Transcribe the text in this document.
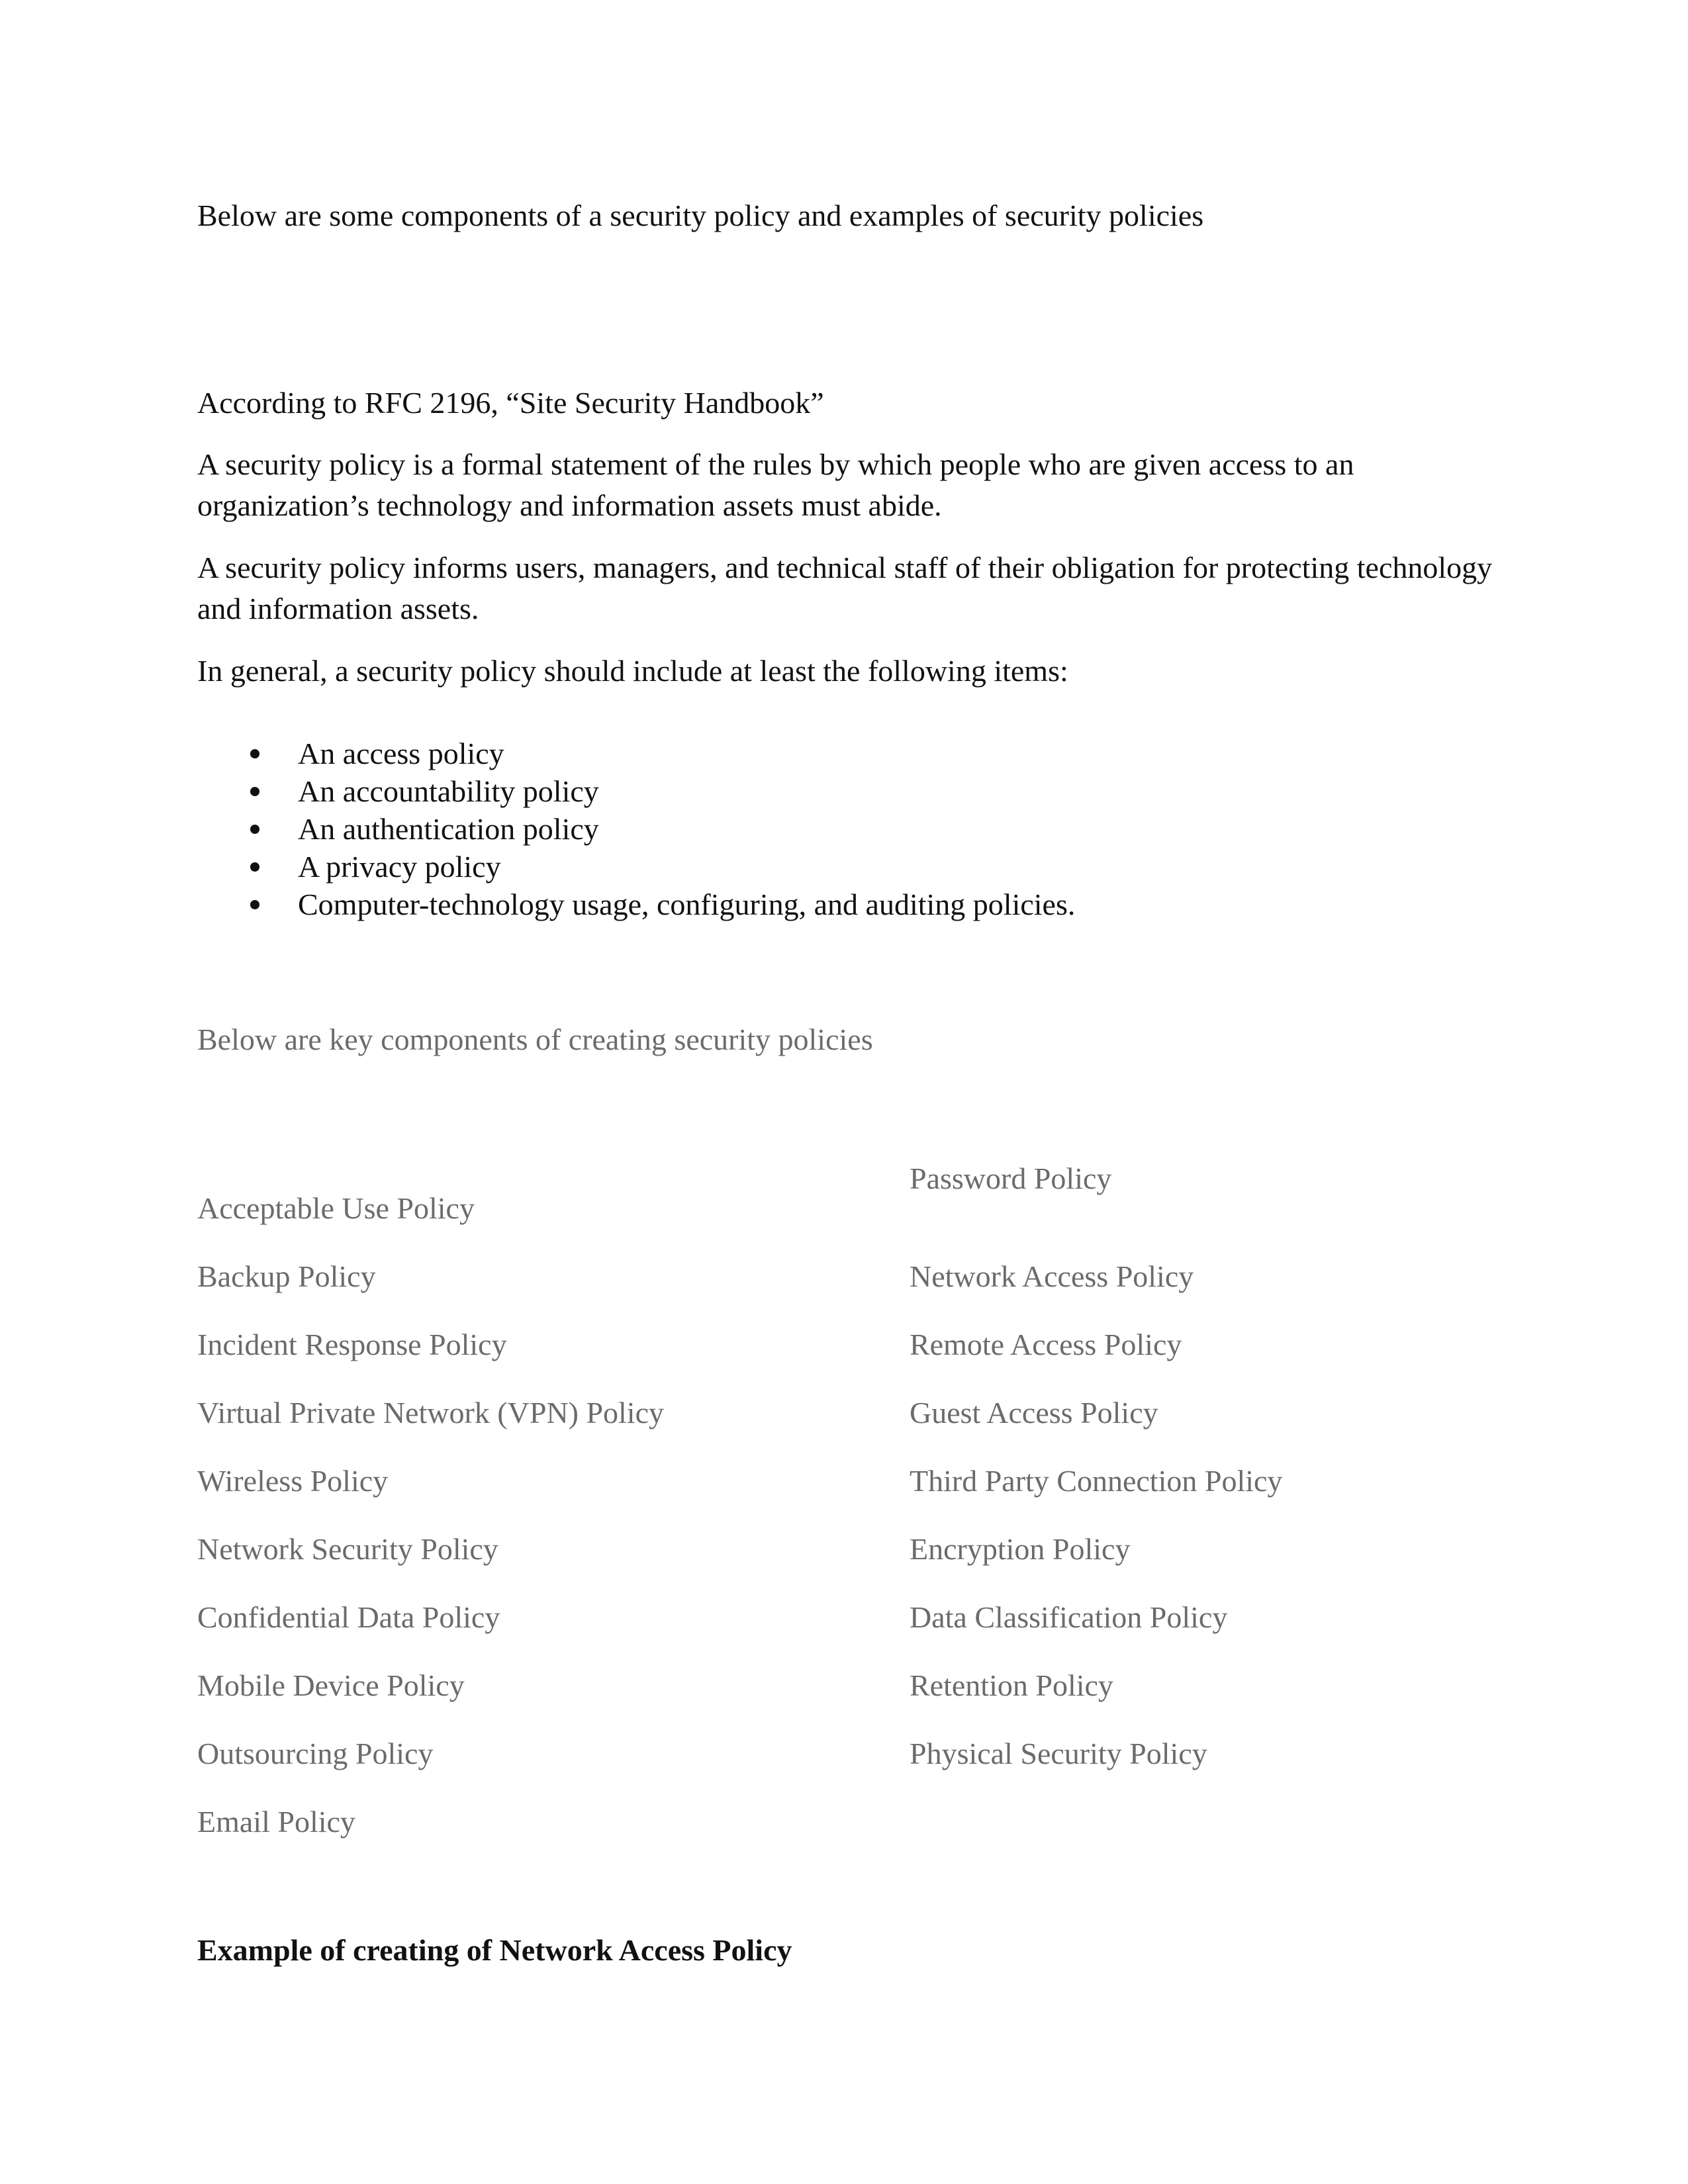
Below are some components of a security policy and examples of security policies

According to RFC 2196, “Site Security Handbook”

A security policy is a formal statement of the rules by which people who are given access to an organization’s technology and information assets must abide.

A security policy informs users, managers, and technical staff of their obligation for protecting technology and information assets.

In general, a security policy should include at least the following items:

An access policy
An accountability policy
An authentication policy
A privacy policy
Computer-technology usage, configuring, and auditing policies.

Below are key components of creating security policies

Acceptable Use Policy

Backup Policy

Incident Response Policy

Virtual Private Network (VPN) Policy

Wireless Policy

Network Security Policy

Confidential Data Policy

Mobile Device Policy

Outsourcing Policy

Email Policy

Password Policy

Network Access Policy

Remote Access Policy

Guest Access Policy

Third Party Connection Policy

Encryption Policy

Data Classification Policy

Retention Policy

Physical Security Policy

Example of creating of Network Access Policy
